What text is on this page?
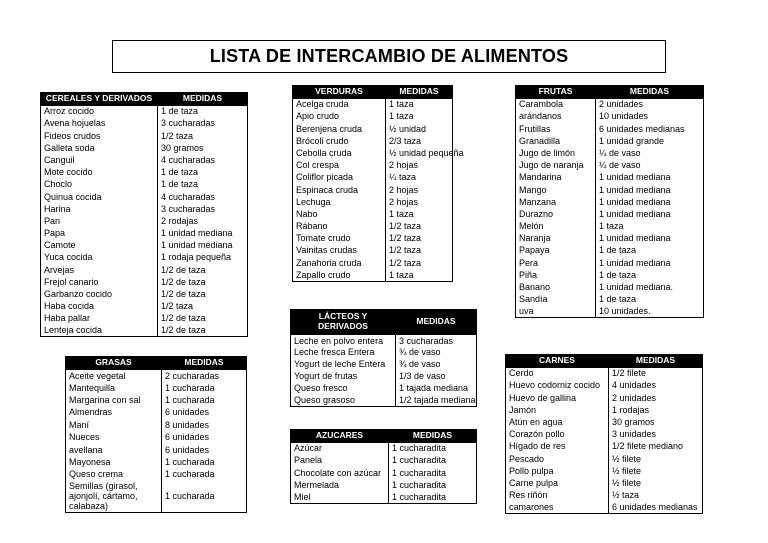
LISTA DE INTERCAMBIO DE ALIMENTOS
CEREALES Y DERIVADOS	MEDIDAS
Arroz cocido	1 de taza
Avena hojuelas	3 cucharadas
Fideos crudos	1/2 taza
Galleta soda	30 gramos
Canguil	4 cucharadas
Mote cocido	1 de taza
Choclo	1 de taza
Quinua cocida	4 cucharadas
Harina	3 cucharadas
Pan	2 rodajas
Papa	1 unidad mediana
Camote	1 unidad mediana
Yuca cocida	1 rodaja pequeña
Arvejas	1/2 de taza
Frejol canario	1/2 de taza
Garbanzo cocido	1/2 de taza
Haba cocida	1/2 taza
Haba pallar	1/2 de taza
Lenteja cocida	1/2 de taza
VERDURAS	MEDIDAS
Acelga cruda	1 taza
Apio crudo	1 taza
Berenjena cruda	½ unidad
Brócoli crudo	2/3 taza
Cebolla cruda	½ unidad pequeña
Col crespa	2 hojas
Coliflor picada	¼ taza
Espinaca cruda	2 hojas
Lechuga	2 hojas
Nabo	1 taza
Rábano	1/2 taza
Tomate crudo	1/2 taza
Vainitas crudas	1/2 taza
Zanahoria cruda	1/2 taza
Zapallo crudo	1 taza
FRUTAS	MEDIDAS
Carambola	2 unidades
arándanos	10 unidades
Frutillas	6 unidades medianas
Granadilla	1 unidad grande
Jugo de limón	¼ de vaso
Jugo de naranja	¼ de vaso
Mandarina	1 unidad mediana
Mango	1 unidad mediana
Manzana	1 unidad mediana
Durazno	1 unidad mediana
Melón	1 taza
Naranja	1 unidad mediana
Papaya	1 de taza
Pera	1 unidad mediana
Piña	1 de taza
Banano	1 unidad mediana.
Sandía	1 de taza
uva	10 unidades.
LÁCTEOS Y DERIVADOS	MEDIDAS
Leche en polvo entera	3 cucharadas
Leche fresca Entera	¾ de vaso
Yogurt de leche Entera	¾ de vaso
Yogurt de frutas	1/3 de vaso
Queso fresco	1 tajada mediana
Queso grasoso	1/2 tajada mediana
GRASAS	MEDIDAS
Aceite vegetal	2 cucharadas
Mantequilla	1 cucharada
Margarina con sal	1 cucharada
Almendras	6 unidades
Maní	8 unidades
Nueces	6 unidades
avellana	6 unidades
Mayonesa	1 cucharada
Queso crema	1 cucharada
Semillas (girasol, ajonjolí, cártamo, calabaza)	1 cucharada
AZUCARES	MEDIDAS
Azúcar	1 cucharadita
Panela	1 cucharadita
Chocolate con azúcar	1 cucharadita
Mermelada	1 cucharadita
Miel	1 cucharadita
CARNES	MEDIDAS
Cerdo	1/2 filete
Huevo codorniz cocido	4 unidades
Huevo de gallina	2 unidades
Jamón	1 rodajas
Atún en agua	30 gramos
Corazón pollo	3 unidades
Hígado de res	1/2 filete mediano
Pescado	½ filete
Pollo pulpa	½ filete
Carne pulpa	½ filete
Res riñón	½ taza
camarones	6 unidades medianas
